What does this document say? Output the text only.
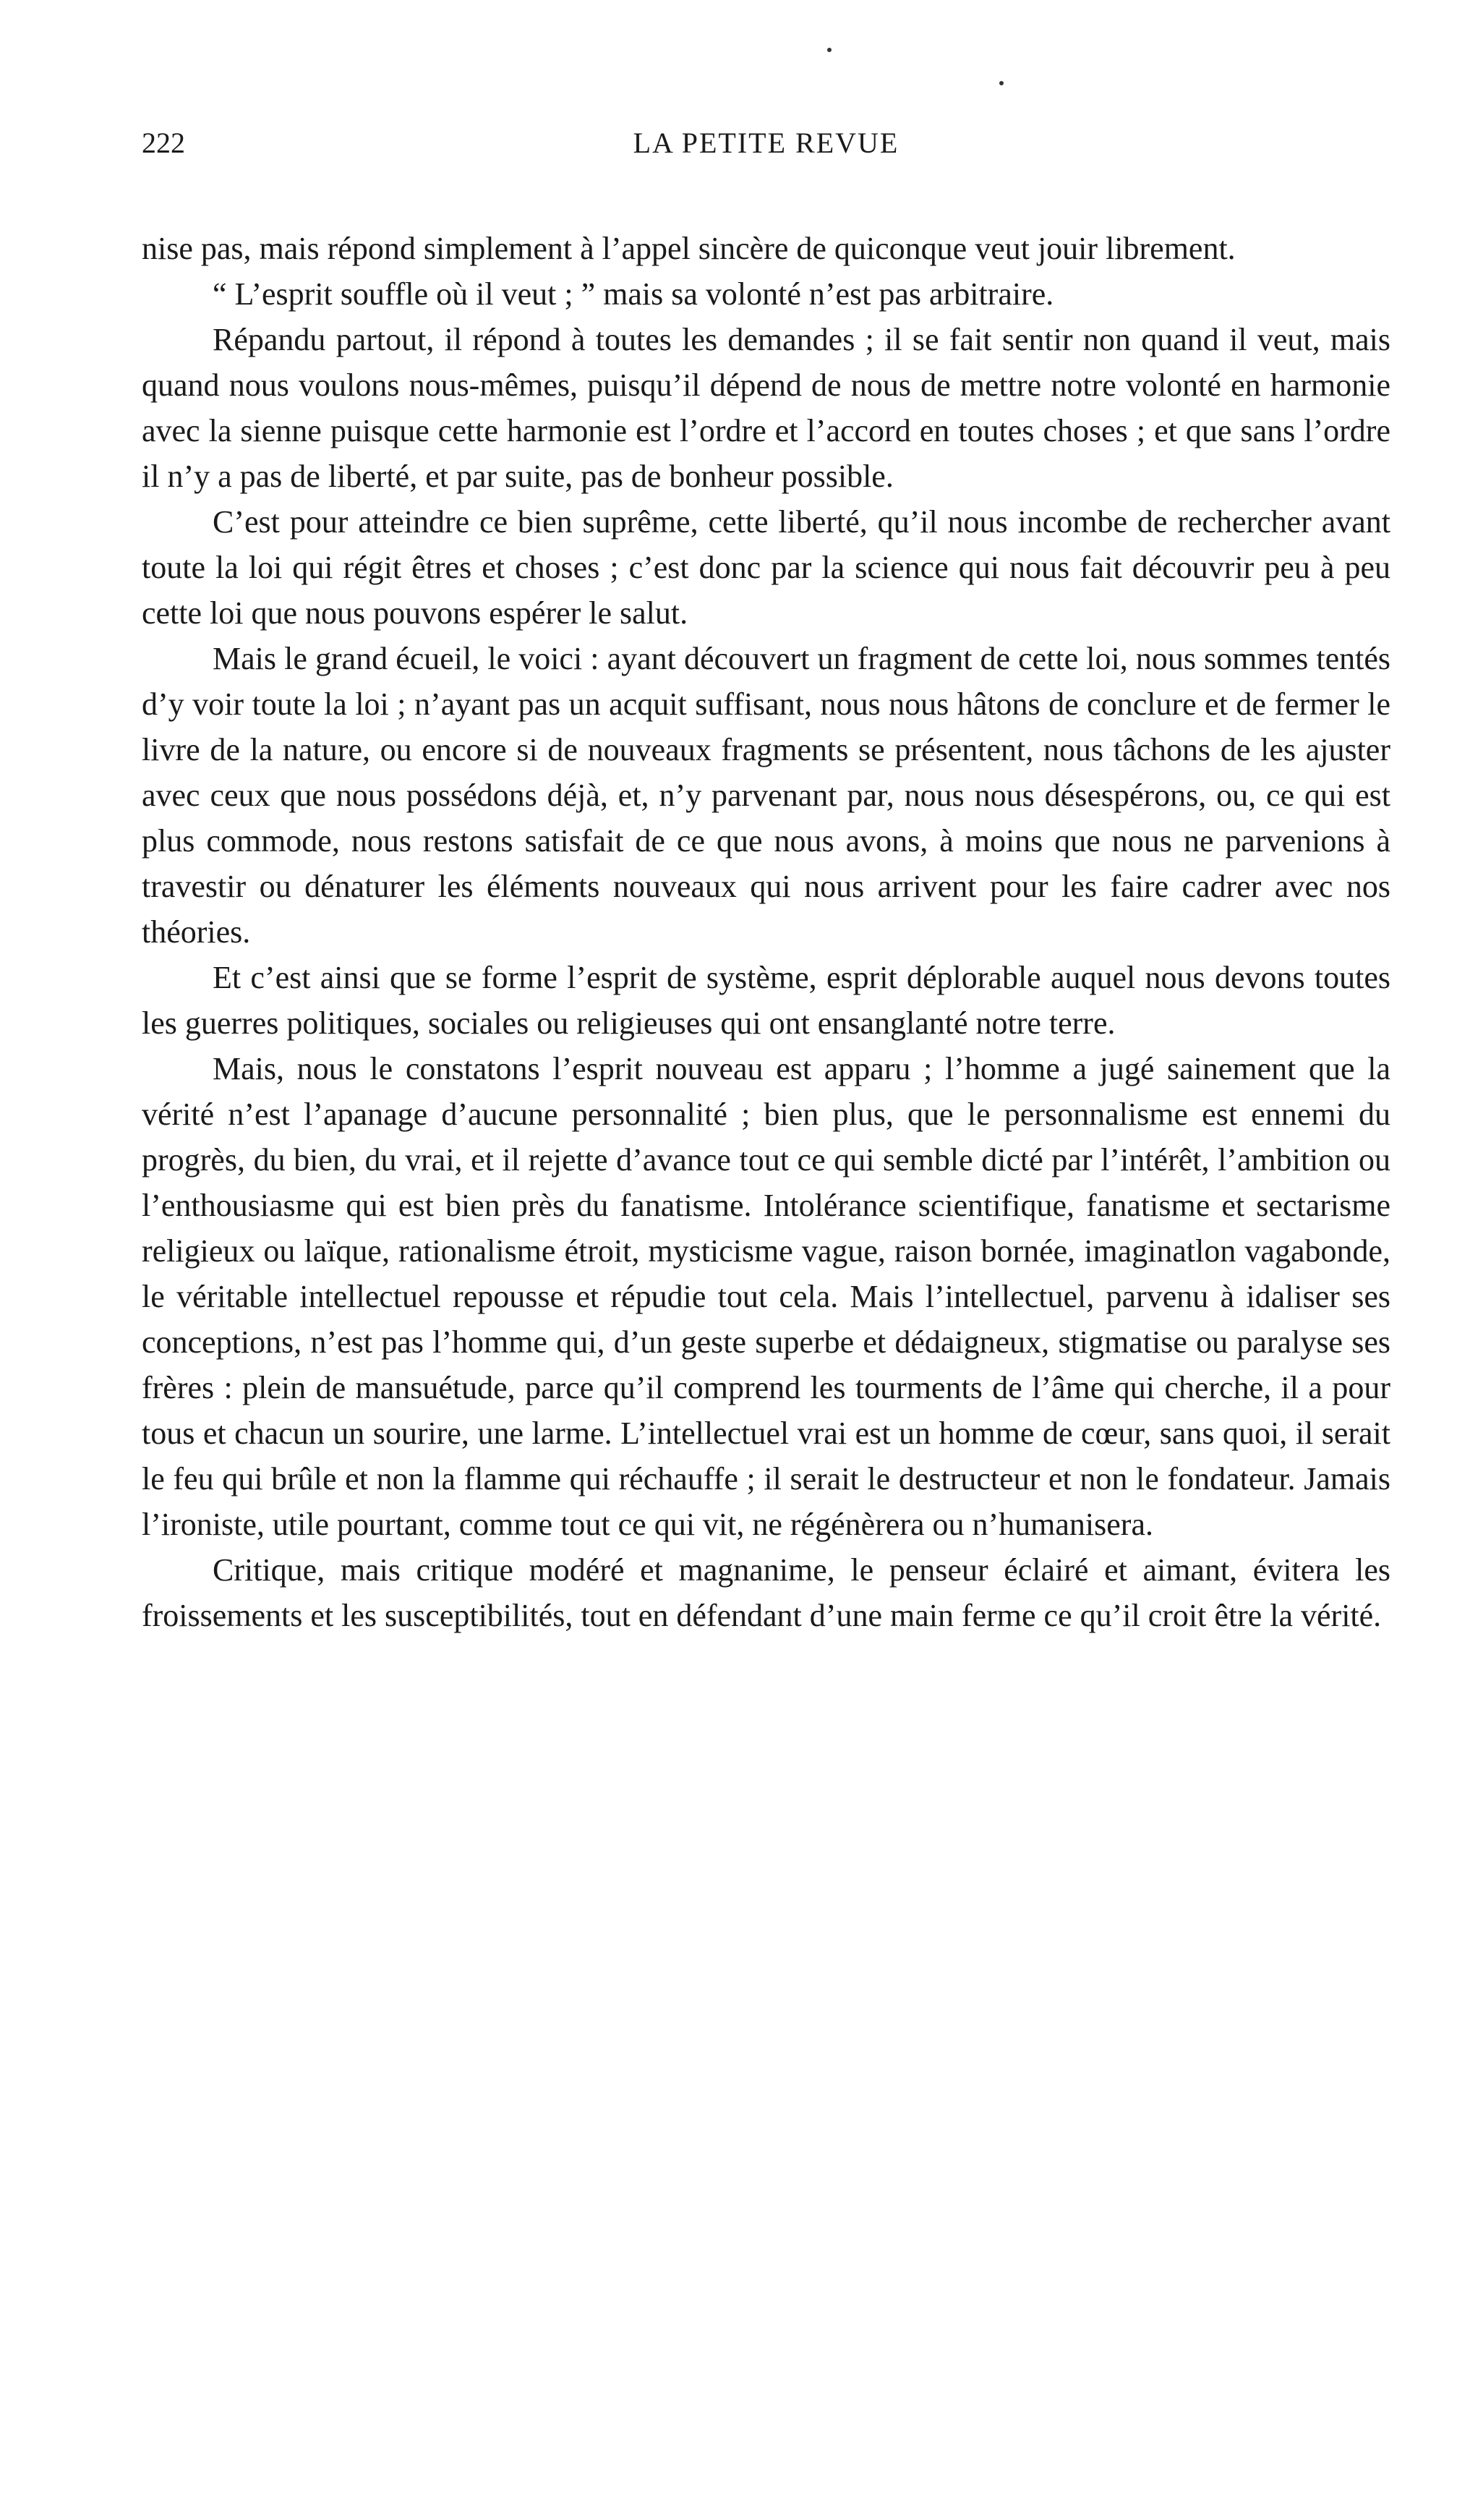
222	LA PETITE REVUE

nise pas, mais répond simplement à l’appel sincère de quiconque veut jouir librement.

“ L’esprit souffle où il veut ; ” mais sa volonté n’est pas arbitraire.

Répandu partout, il répond à toutes les demandes ; il se fait sentir non quand il veut, mais quand nous voulons nous-mêmes, puisqu’il dépend de nous de mettre notre volonté en harmonie avec la sienne puisque cette harmonie est l’ordre et l’accord en toutes choses ; et que sans l’ordre il n’y a pas de liberté, et par suite, pas de bonheur possible.

C’est pour atteindre ce bien suprême, cette liberté, qu’il nous incombe de rechercher avant toute la loi qui régit êtres et choses ; c’est donc par la science qui nous fait découvrir peu à peu cette loi que nous pouvons espérer le salut.

Mais le grand écueil, le voici : ayant découvert un fragment de cette loi, nous sommes tentés d’y voir toute la loi ; n’ayant pas un acquit suffisant, nous nous hâtons de conclure et de fermer le livre de la nature, ou encore si de nouveaux fragments se présentent, nous tâchons de les ajuster avec ceux que nous possédons déjà, et, n’y parvenant par, nous nous désespérons, ou, ce qui est plus commode, nous restons satisfait de ce que nous avons, à moins que nous ne parvenions à travestir ou dénaturer les éléments nouveaux qui nous arrivent pour les faire cadrer avec nos théories.

Et c’est ainsi que se forme l’esprit de système, esprit déplorable auquel nous devons toutes les guerres politiques, sociales ou religieuses qui ont ensanglanté notre terre.

Mais, nous le constatons l’esprit nouveau est apparu ; l’homme a jugé sainement que la vérité n’est l’apanage d’aucune personnalité ; bien plus, que le personnalisme est ennemi du progrès, du bien, du vrai, et il rejette d’avance tout ce qui semble dicté par l’intérêt, l’ambition ou l’enthousiasme qui est bien près du fanatisme. Intolérance scientifique, fanatisme et sectarisme religieux ou laïque, rationalisme étroit, mysticisme vague, raison bornée, imaginatlon vagabonde, le véritable intellectuel repousse et répudie tout cela. Mais l’intellectuel, parvenu à idaliser ses conceptions, n’est pas l’homme qui, d’un geste superbe et dédaigneux, stigmatise ou paralyse ses frères : plein de mansuétude, parce qu’il comprend les tourments de l’âme qui cherche, il a pour tous et chacun un sourire, une larme. L’intellectuel vrai est un homme de cœur, sans quoi, il serait le feu qui brûle et non la flamme qui réchauffe ; il serait le destructeur et non le fondateur. Jamais l’ironiste, utile pourtant, comme tout ce qui vit, ne régénèrera ou n’humanisera.

Critique, mais critique modéré et magnanime, le penseur éclairé et aimant, évitera les froissements et les susceptibilités, tout en défendant d’une main ferme ce qu’il croit être la vérité.
